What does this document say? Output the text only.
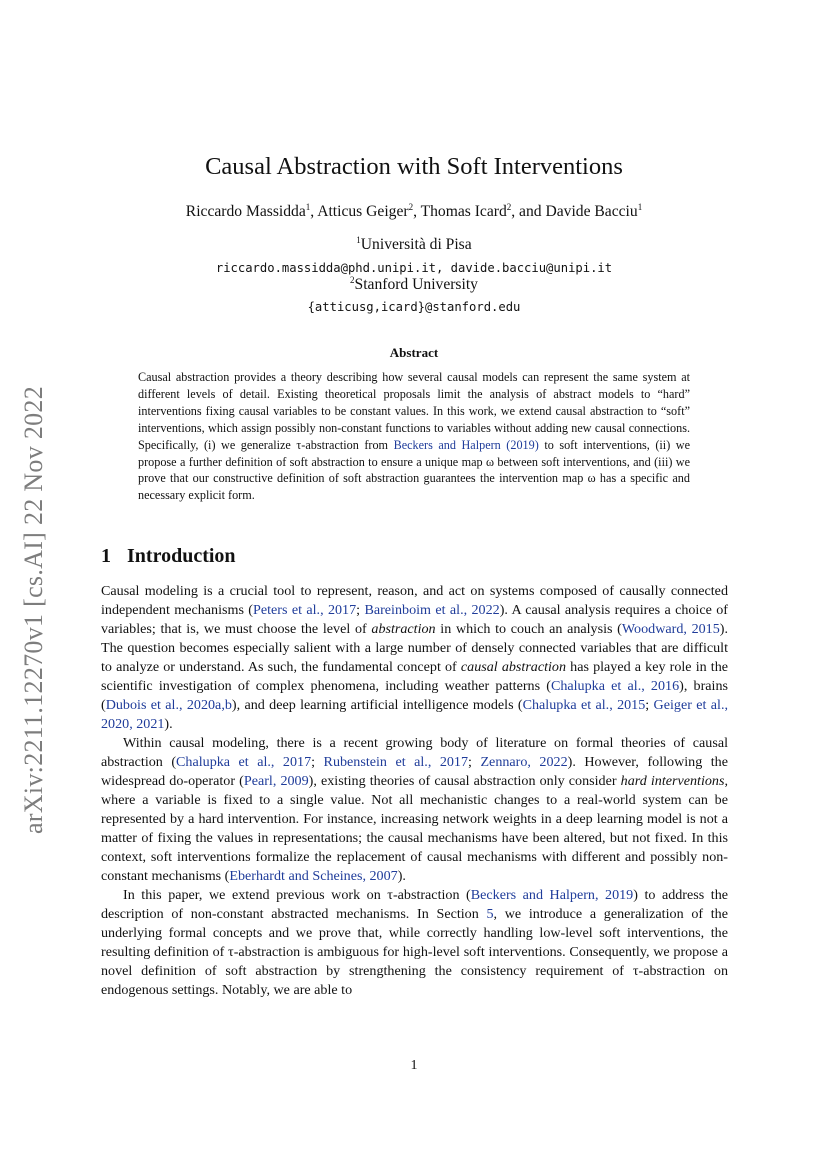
arXiv:2211.12270v1 [cs.AI] 22 Nov 2022
Causal Abstraction with Soft Interventions
Riccardo Massidda$^1$, Atticus Geiger$^2$, Thomas Icard$^2$, and Davide Bacciu$^1$
$^1$Università di Pisa
riccardo.massidda@phd.unipi.it, davide.bacciu@unipi.it
$^2$Stanford University
{atticusg,icard}@stanford.edu
Abstract
Causal abstraction provides a theory describing how several causal models can represent the same system at different levels of detail. Existing theoretical proposals limit the analysis of abstract models to “hard” interventions fixing causal variables to be constant values. In this work, we extend causal abstraction to “soft” interventions, which assign possibly non-constant functions to variables without adding new causal connections. Specifically, (i) we generalize τ-abstraction from Beckers and Halpern (2019) to soft interventions, (ii) we propose a further definition of soft abstraction to ensure a unique map ω between soft interventions, and (iii) we prove that our constructive definition of soft abstraction guarantees the intervention map ω has a specific and necessary explicit form.
1 Introduction

Causal modeling is a crucial tool to represent, reason, and act on systems composed of causally connected independent mechanisms (Peters et al., 2017; Bareinboim et al., 2022). A causal analysis requires a choice of variables; that is, we must choose the level of abstraction in which to couch an analysis (Woodward, 2015). The question becomes especially salient with a large number of densely connected variables that are difficult to analyze or understand. As such, the fundamental concept of causal abstraction has played a key role in the scientific investigation of complex phenomena, including weather patterns (Chalupka et al., 2016), brains (Dubois et al., 2020a,b), and deep learning artificial intelligence models (Chalupka et al., 2015; Geiger et al., 2020, 2021).

Within causal modeling, there is a recent growing body of literature on formal theories of causal abstraction (Chalupka et al., 2017; Rubenstein et al., 2017; Zennaro, 2022). However, following the widespread do-operator (Pearl, 2009), existing theories of causal abstraction only consider hard interventions, where a variable is fixed to a single value. Not all mechanistic changes to a real-world system can be represented by a hard intervention. For instance, increasing network weights in a deep learning model is not a matter of fixing the values in representations; the causal mechanisms have been altered, but not fixed. In this context, soft interventions formalize the replacement of causal mechanisms with different and possibly non-constant mechanisms (Eberhardt and Scheines, 2007).

In this paper, we extend previous work on τ-abstraction (Beckers and Halpern, 2019) to address the description of non-constant abstracted mechanisms. In Section 5, we introduce a generalization of the underlying formal concepts and we prove that, while correctly handling low-level soft interventions, the resulting definition of τ-abstraction is ambiguous for high-level soft interventions. Consequently, we propose a novel definition of soft abstraction by strengthening the consistency requirement of τ-abstraction on endogenous settings. Notably, we are able to

1
